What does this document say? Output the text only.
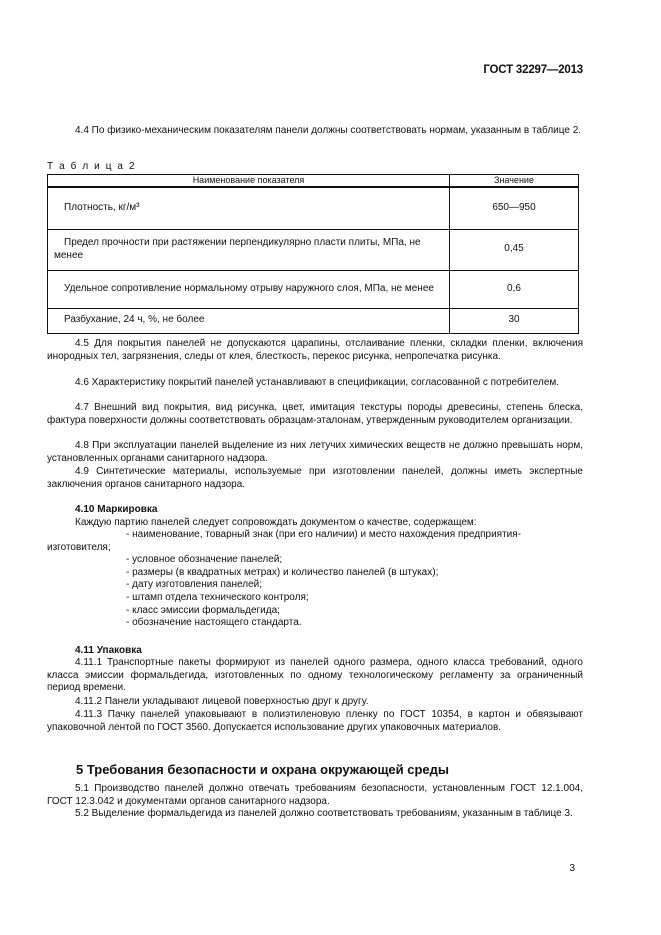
ГОСТ 32297—2013
4.4 По физико-механическим показателям панели должны соответствовать нормам, указанным в таблице 2.
Т а б л и ц а 2
Наименование показателя	Значение
Плотность, кг/м³	650—950
Предел прочности при растяжении перпендикулярно пласти плиты, МПа, не менее	0,45
Удельное сопротивление нормальному отрыву наружного слоя, МПа, не менее	0,6
Разбухание, 24 ч, %, не более	30
4.5 Для покрытия панелей не допускаются царапины, отслаивание пленки, складки пленки, включения инородных тел, загрязнения, следы от клея, блесткость, перекос рисунка, непропечатка рисунка.
4.6 Характеристику покрытий панелей устанавливают в спецификации, согласованной с потребителем.
4.7 Внешний вид покрытия, вид рисунка, цвет, имитация текстуры породы древесины, степень блеска, фактура поверхности должны соответствовать образцам-эталонам, утвержденным руководителем организации.
4.8 При эксплуатации панелей выделение из них летучих химических веществ не должно превышать норм, установленных органами санитарного надзора.
4.9 Синтетические материалы, используемые при изготовлении панелей, должны иметь экспертные заключения органов санитарного надзора.
4.10 Маркировка
Каждую партию панелей следует сопровождать документом о качестве, содержащем:
- наименование, товарный знак (при его наличии) и место нахождения предприятия-
изготовителя;
- условное обозначение панелей;
- размеры (в квадратных метрах) и количество панелей (в штуках);
- дату изготовления панелей;
- штамп отдела технического контроля;
- класс эмиссии формальдегида;
- обозначение настоящего стандарта.
4.11 Упаковка
4.11.1 Транспортные пакеты формируют из панелей одного размера, одного класса требований, одного класса эмиссии формальдегида, изготовленных по одному технологическому регламенту за ограниченный период времени.
4.11.2 Панели укладывают лицевой поверхностью друг к другу.
4.11.3 Пачку панелей упаковывают в полиэтиленовую пленку по ГОСТ 10354, в картон и обвязывают упаковочной лентой по ГОСТ 3560. Допускается использование других упаковочных материалов.
5 Требования безопасности и охрана окружающей среды
5.1 Производство панелей должно отвечать требованиям безопасности, установленным ГОСТ 12.1.004, ГОСТ 12.3.042 и документами органов санитарного надзора.
5.2 Выделение формальдегида из панелей должно соответствовать требованиям, указанным в таблице 3.
3
